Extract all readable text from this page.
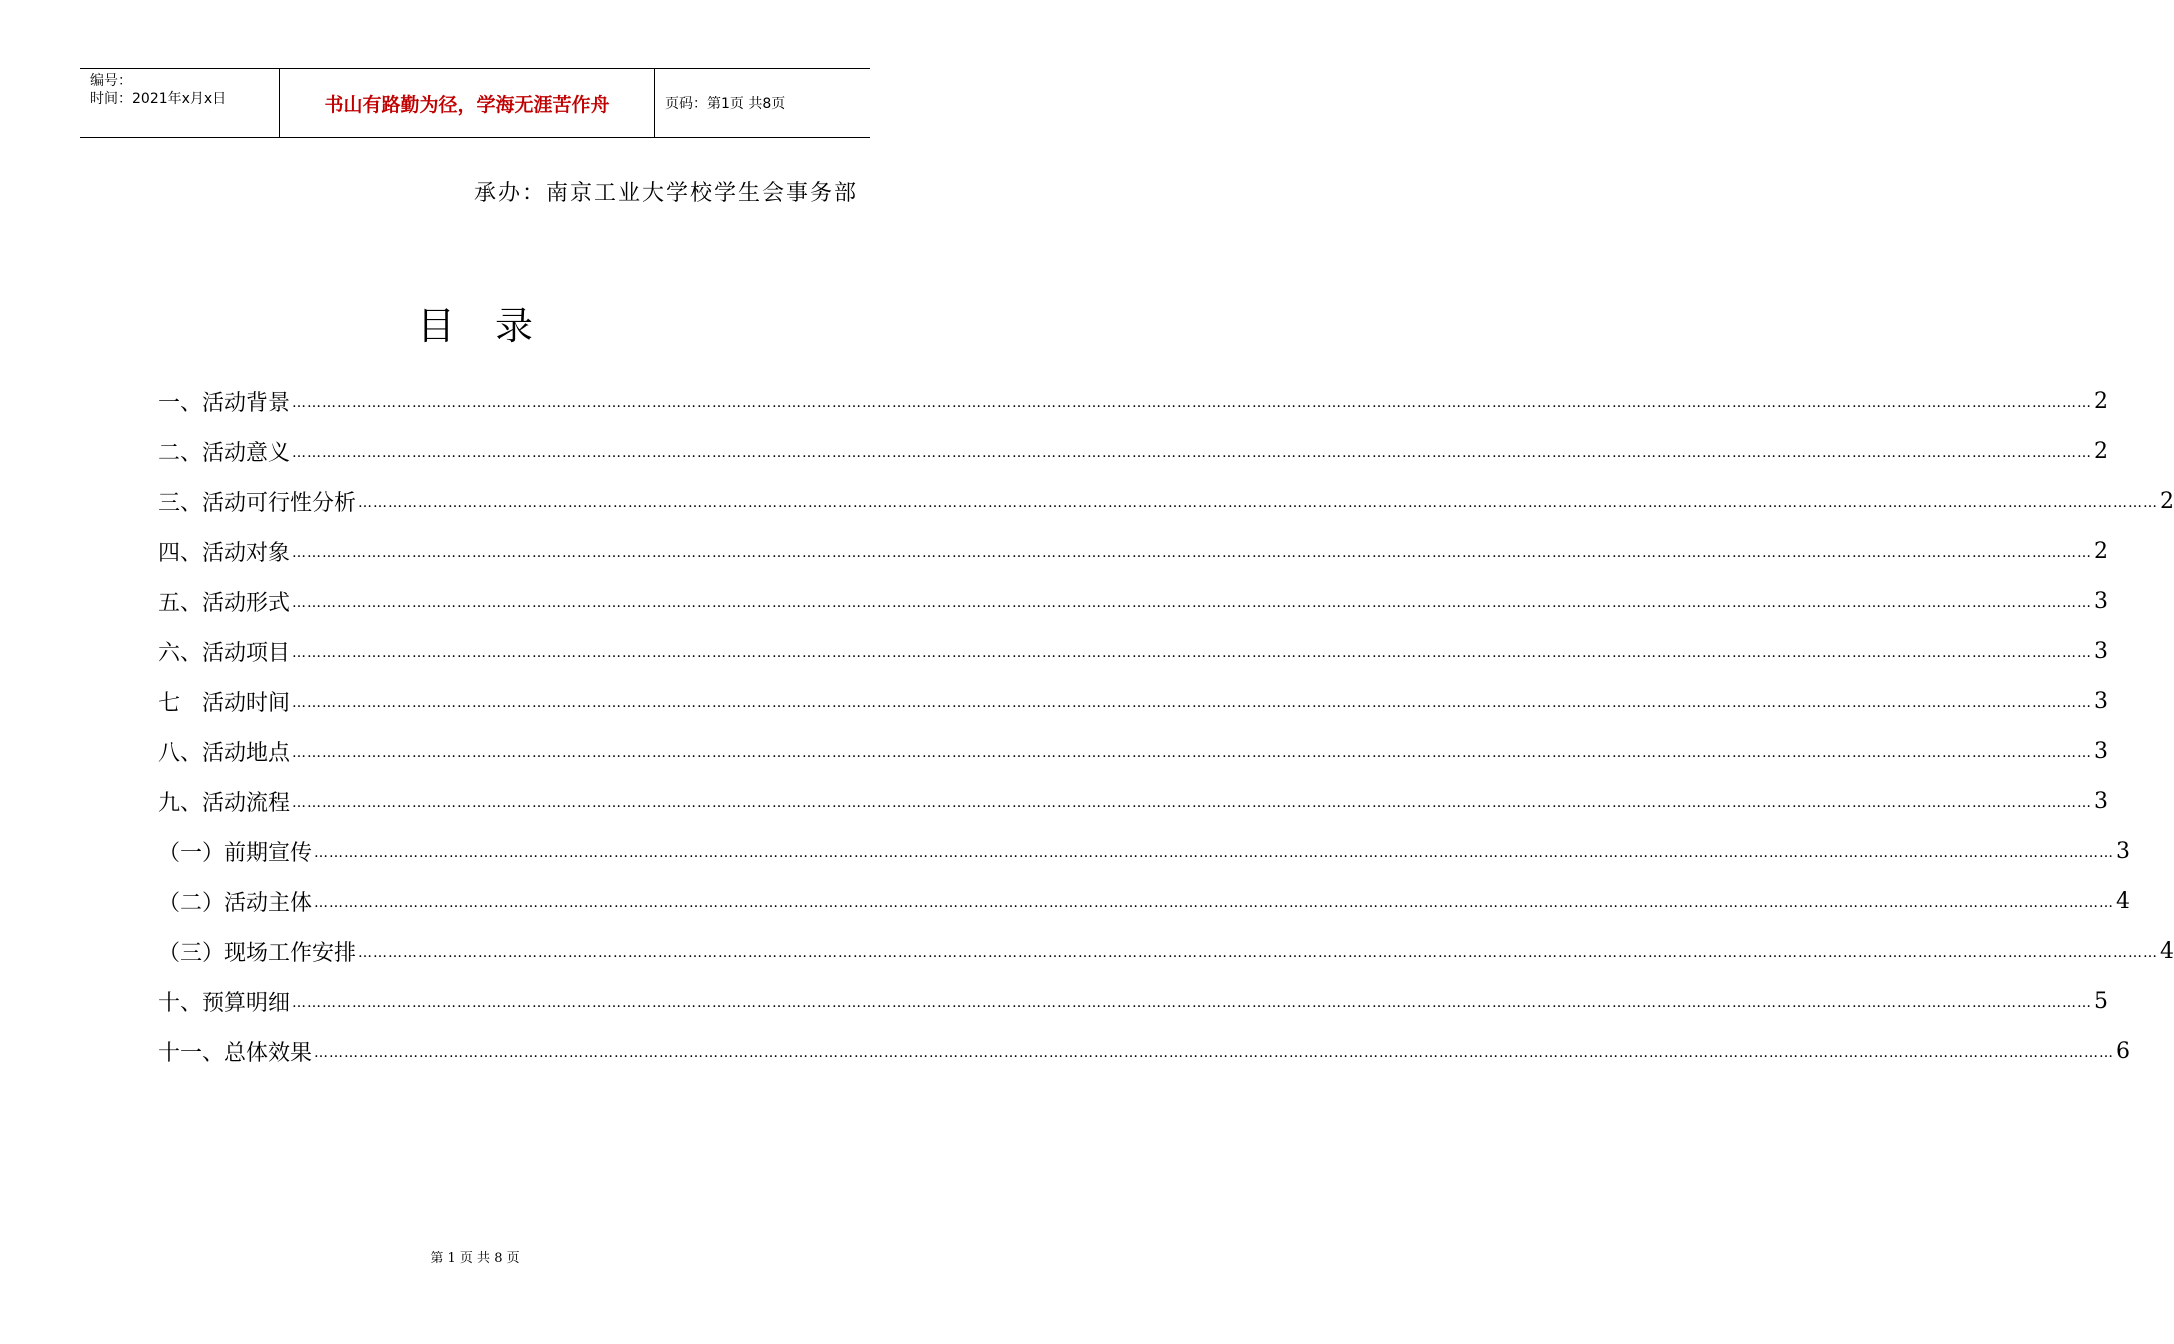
编号：
时间：2021年x月x日	书山有路勤为径，学海无涯苦作舟	页码：第1页 共8页
承办：南京工业大学校学生会事务部
目录
一、活动背景 ……………………………………………………………………………………………………………………………………………………………………………………………………………………………………………………………………………………………………………………………… 2
二、活动意义 ……………………………………………………………………………………………………………………………………………………………………………………………………………………………………………………………………………………………………………………………… 2
三、活动可行性分析 ……………………………………………………………………………………………………………………………………………………………………………………………………………………………………………………………………………………………………………………………… 2
四、活动对象 ……………………………………………………………………………………………………………………………………………………………………………………………………………………………………………………………………………………………………………………………… 2
五、活动形式 ……………………………………………………………………………………………………………………………………………………………………………………………………………………………………………………………………………………………………………………………… 3
六、活动项目 ……………………………………………………………………………………………………………………………………………………………………………………………………………………………………………………………………………………………………………………………… 3
七　活动时间 ……………………………………………………………………………………………………………………………………………………………………………………………………………………………………………………………………………………………………………………………… 3
八、活动地点 ……………………………………………………………………………………………………………………………………………………………………………………………………………………………………………………………………………………………………………………………… 3
九、活动流程 ……………………………………………………………………………………………………………………………………………………………………………………………………………………………………………………………………………………………………………………………… 3
（一）前期宣传 ……………………………………………………………………………………………………………………………………………………………………………………………………………………………………………………………………………………………………………………………… 3
（二）活动主体 ……………………………………………………………………………………………………………………………………………………………………………………………………………………………………………………………………………………………………………………………… 4
（三）现场工作安排 ……………………………………………………………………………………………………………………………………………………………………………………………………………………………………………………………………………………………………………………………… 4
十、预算明细 ……………………………………………………………………………………………………………………………………………………………………………………………………………………………………………………………………………………………………………………………… 5
十一、总体效果 ……………………………………………………………………………………………………………………………………………………………………………………………………………………………………………………………………………………………………………………………… 6
第 1 页 共 8 页
